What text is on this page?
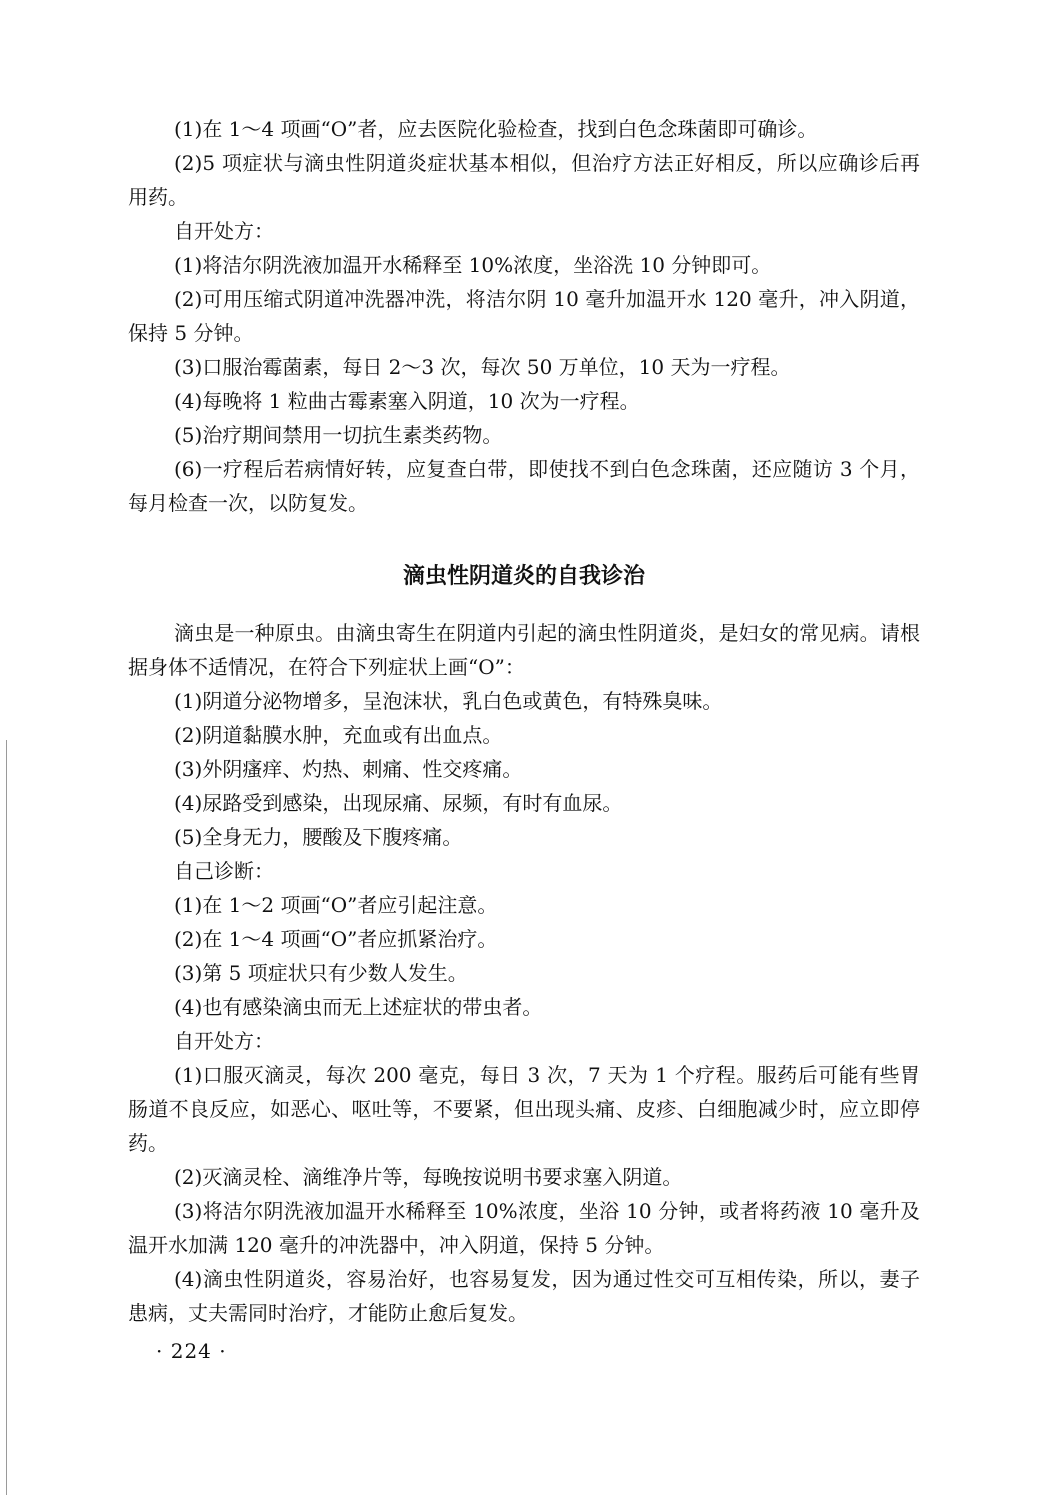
(1)在 1～4 项画“O”者，应去医院化验检查，找到白色念珠菌即可确诊。

(2)5 项症状与滴虫性阴道炎症状基本相似，但治疗方法正好相反，所以应确诊后再用药。

自开处方：

(1)将洁尔阴洗液加温开水稀释至 10%浓度，坐浴洗 10 分钟即可。

(2)可用压缩式阴道冲洗器冲洗，将洁尔阴 10 毫升加温开水 120 毫升，冲入阴道，保持 5 分钟。

(3)口服治霉菌素，每日 2～3 次，每次 50 万单位，10 天为一疗程。

(4)每晚将 1 粒曲古霉素塞入阴道，10 次为一疗程。

(5)治疗期间禁用一切抗生素类药物。

(6)一疗程后若病情好转，应复查白带，即使找不到白色念珠菌，还应随访 3 个月，每月检查一次，以防复发。

滴虫性阴道炎的自我诊治

滴虫是一种原虫。由滴虫寄生在阴道内引起的滴虫性阴道炎，是妇女的常见病。请根据身体不适情况，在符合下列症状上画“O”：

(1)阴道分泌物增多，呈泡沫状，乳白色或黄色，有特殊臭味。

(2)阴道黏膜水肿，充血或有出血点。

(3)外阴瘙痒、灼热、刺痛、性交疼痛。

(4)尿路受到感染，出现尿痛、尿频，有时有血尿。

(5)全身无力，腰酸及下腹疼痛。

自己诊断：

(1)在 1～2 项画“O”者应引起注意。

(2)在 1～4 项画“O”者应抓紧治疗。

(3)第 5 项症状只有少数人发生。

(4)也有感染滴虫而无上述症状的带虫者。

自开处方：

(1)口服灭滴灵，每次 200 毫克，每日 3 次，7 天为 1 个疗程。服药后可能有些胃肠道不良反应，如恶心、呕吐等，不要紧，但出现头痛、皮疹、白细胞减少时，应立即停药。

(2)灭滴灵栓、滴维净片等，每晚按说明书要求塞入阴道。

(3)将洁尔阴洗液加温开水稀释至 10%浓度，坐浴 10 分钟，或者将药液 10 毫升及温开水加满 120 毫升的冲洗器中，冲入阴道，保持 5 分钟。

(4)滴虫性阴道炎，容易治好，也容易复发，因为通过性交可互相传染，所以，妻子患病，丈夫需同时治疗，才能防止愈后复发。

· 224 ·
